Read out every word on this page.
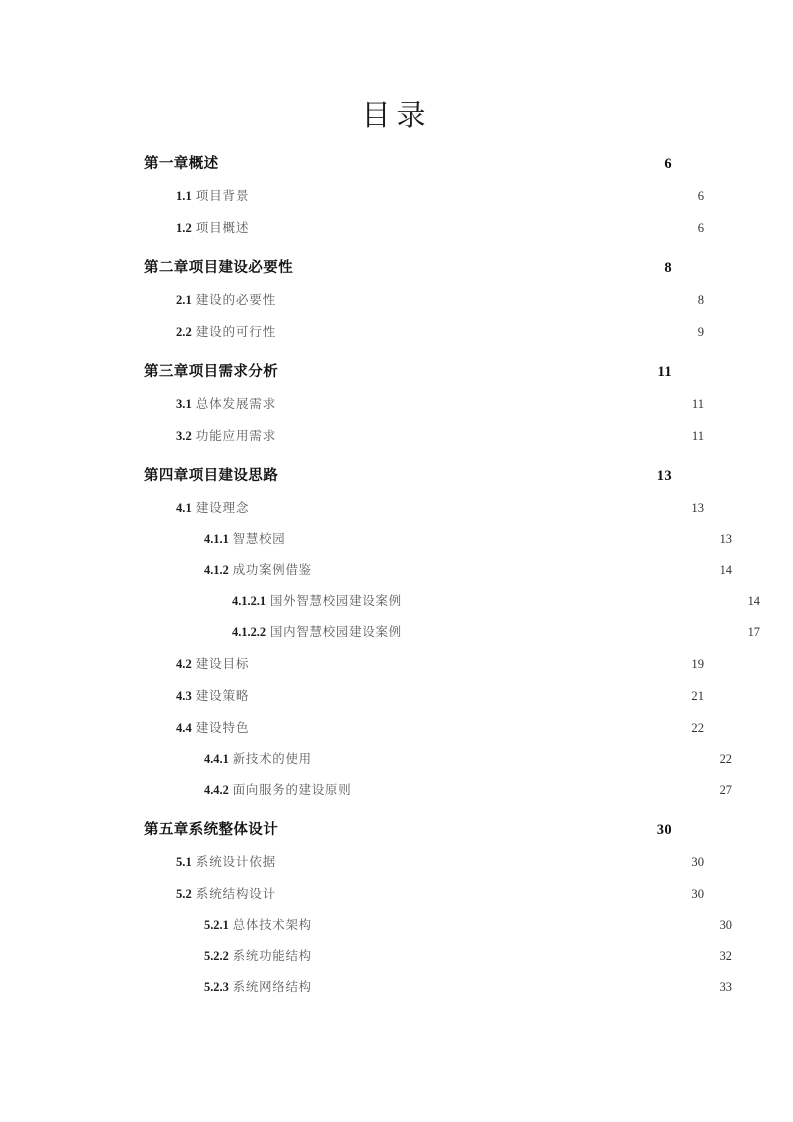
目录
第一章概述 .....	6
1.1 项目背景 .....	6
1.2 项目概述 .....	6
第二章项目建设必要性 .....	8
2.1 建设的必要性 .....	8
2.2 建设的可行性 .....	9
第三章项目需求分析 .....	11
3.1 总体发展需求 .....	11
3.2 功能应用需求 .....	11
第四章项目建设思路 .....	13
4.1 建设理念 .....	13
4.1.1 智慧校园 .....	13
4.1.2 成功案例借鉴 .....	14
4.1.2.1 国外智慧校园建设案例 .....	14
4.1.2.2 国内智慧校园建设案例 .....	17
4.2 建设目标 .....	19
4.3 建设策略 .....	21
4.4 建设特色 .....	22
4.4.1 新技术的使用 .....	22
4.4.2 面向服务的建设原则 .....	27
第五章系统整体设计 .....	30
5.1 系统设计依据 .....	30
5.2 系统结构设计 .....	30
5.2.1 总体技术架构 .....	30
5.2.2 系统功能结构 .....	32
5.2.3 系统网络结构 .....	33
